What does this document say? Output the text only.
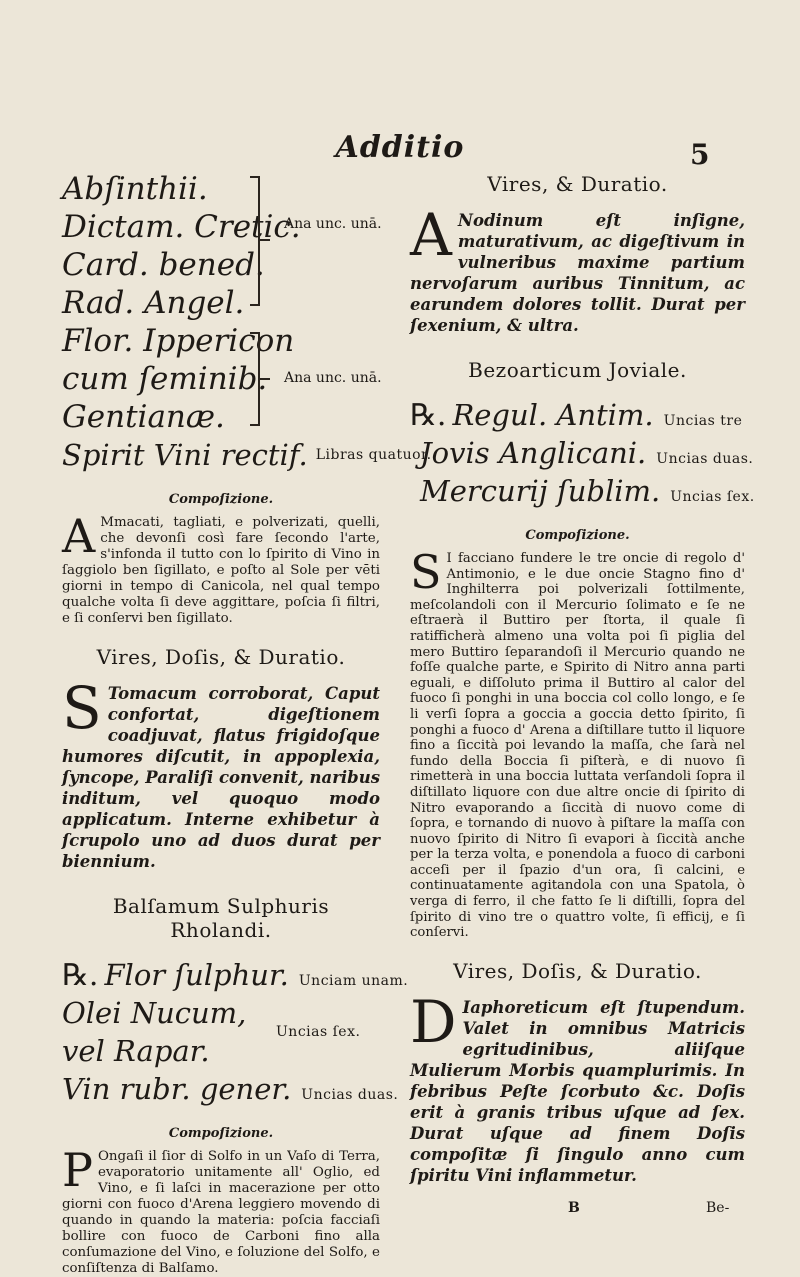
Additio	5
Abſinthii.
Dictam. Cretic.
Card. bened.
Rad. Angel.
Ana unc. unā.
Flor. Ippericon
cum ſeminib.
Gentianæ.
Ana unc. unā.
Spirit Vini rectif. Libras quatuor.
Compoſizione.
A Mmacati, tagliati, e polverizati, quelli, che devonſi così fare ſecondo l'arte, s'infonda il tutto con lo ſpirito di Vino in ſaggiolo ben ſigillato, e poſto al Sole per vēti giorni in tempo di Canicola, nel qual tempo qualche volta ſi deve aggittare, poſcia ſi filtri, e ſi conſervi ben ſigillato.
Vires, Doſis, & Duratio.
S Tomacum corroborat, Caput confortat, digeſtionem coadjuvat, flatus frigidoſque humores diſcutit, in appoplexia, ſyncope, Paraliſi convenit, naribus inditum, vel quoquo modo applicatum. Interne exhibetur à ſcrupolo uno ad duos durat per biennium.
Balſamum Sulphuris Rholandi.
℞. Flor ſulphur. Unciam unam.
Olei Nucum, vel Rapar.
Uncias ſex.
Vin rubr. gener. Uncias duas.
Compoſizione.
P Ongaſi il ſior di Solfo in un Vaſo di Terra, evaporatorio unitamente all' Oglio, ed Vino, e ſi laſci in macerazione per otto giorni con fuoco d'Arena leggiero movendo di quando in quando la materia: poſcia facciaſi bollire con fuoco de Carboni fino alla conſumazione del Vino, e ſoluzione del Solfo, e conſiſtenza di Balſamo.
Vires, & Duratio.
A Nodinum eſt inſigne, maturativum, ac digeſtivum in vulneribus maxime partium nervoſarum auribus Tinnitum, ac earundem dolores tollit. Durat per ſexenium, & ultra.
Bezoarticum Joviale.
℞. Regul. Antim. Uncias tre
Jovis Anglicani. Uncias duas.
Mercurij ſublim. Uncias ſex.
Compoſizione.
S I facciano fundere le tre oncie di regolo d' Antimonio, e le due oncie Stagno fino d' Inghilterra poi polverizali ſottilmente, meſcolandoli con il Mercurio ſolimato e ſe ne eſtraerà il Buttiro per ſtorta, il quale ſi ratifficherà almeno una volta poi ſi piglia del mero Buttiro ſeparandoſi il Mercurio quando ne foſſe qualche parte, e Spirito di Nitro anna parti eguali, e diſſoluto prima il Buttiro al calor del fuoco ſi ponghi in una boccia col collo longo, e ſe li verſi ſopra a goccia a goccia detto ſpirito, ſi ponghi a fuoco d' Arena a diſtillare tutto il liquore fino a ſiccità poi levando la maſſa, che ſarà nel fundo della Boccia ſi piſterà, e di nuovo ſi rimetterà in una boccia luttata verſandoli ſopra il diſtillato liquore con due altre oncie di ſpirito di Nitro evaporando a ſiccità di nuovo come di ſopra, e tornando di nuovo à piſtare la maſſa con nuovo ſpirito di Nitro ſi evapori à ſiccità anche per la terza volta, e ponendola a fuoco di carboni acceſi per il ſpazio d'un ora, ſi calcini, e continuatamente agitandola con una Spatola, ò verga di ferro, il che fatto ſe li diſtilli, ſopra del ſpirito di vino tre o quattro volte, ſi efficij, e ſi conſervi.
Vires, Doſis, & Duratio.
D Iaphoreticum eſt ſtupendum. Valet in omnibus Matricis egritudinibus, aliiſque Mulierum Morbis quamplurimis. In febribus Peſte ſcorbuto &c. Doſis erit à granis tribus uſque ad ſex. Durat uſque ad finem Doſis compoſitæ ſi ſingulo anno cum ſpiritu Vini inflammetur.
B	Be-
